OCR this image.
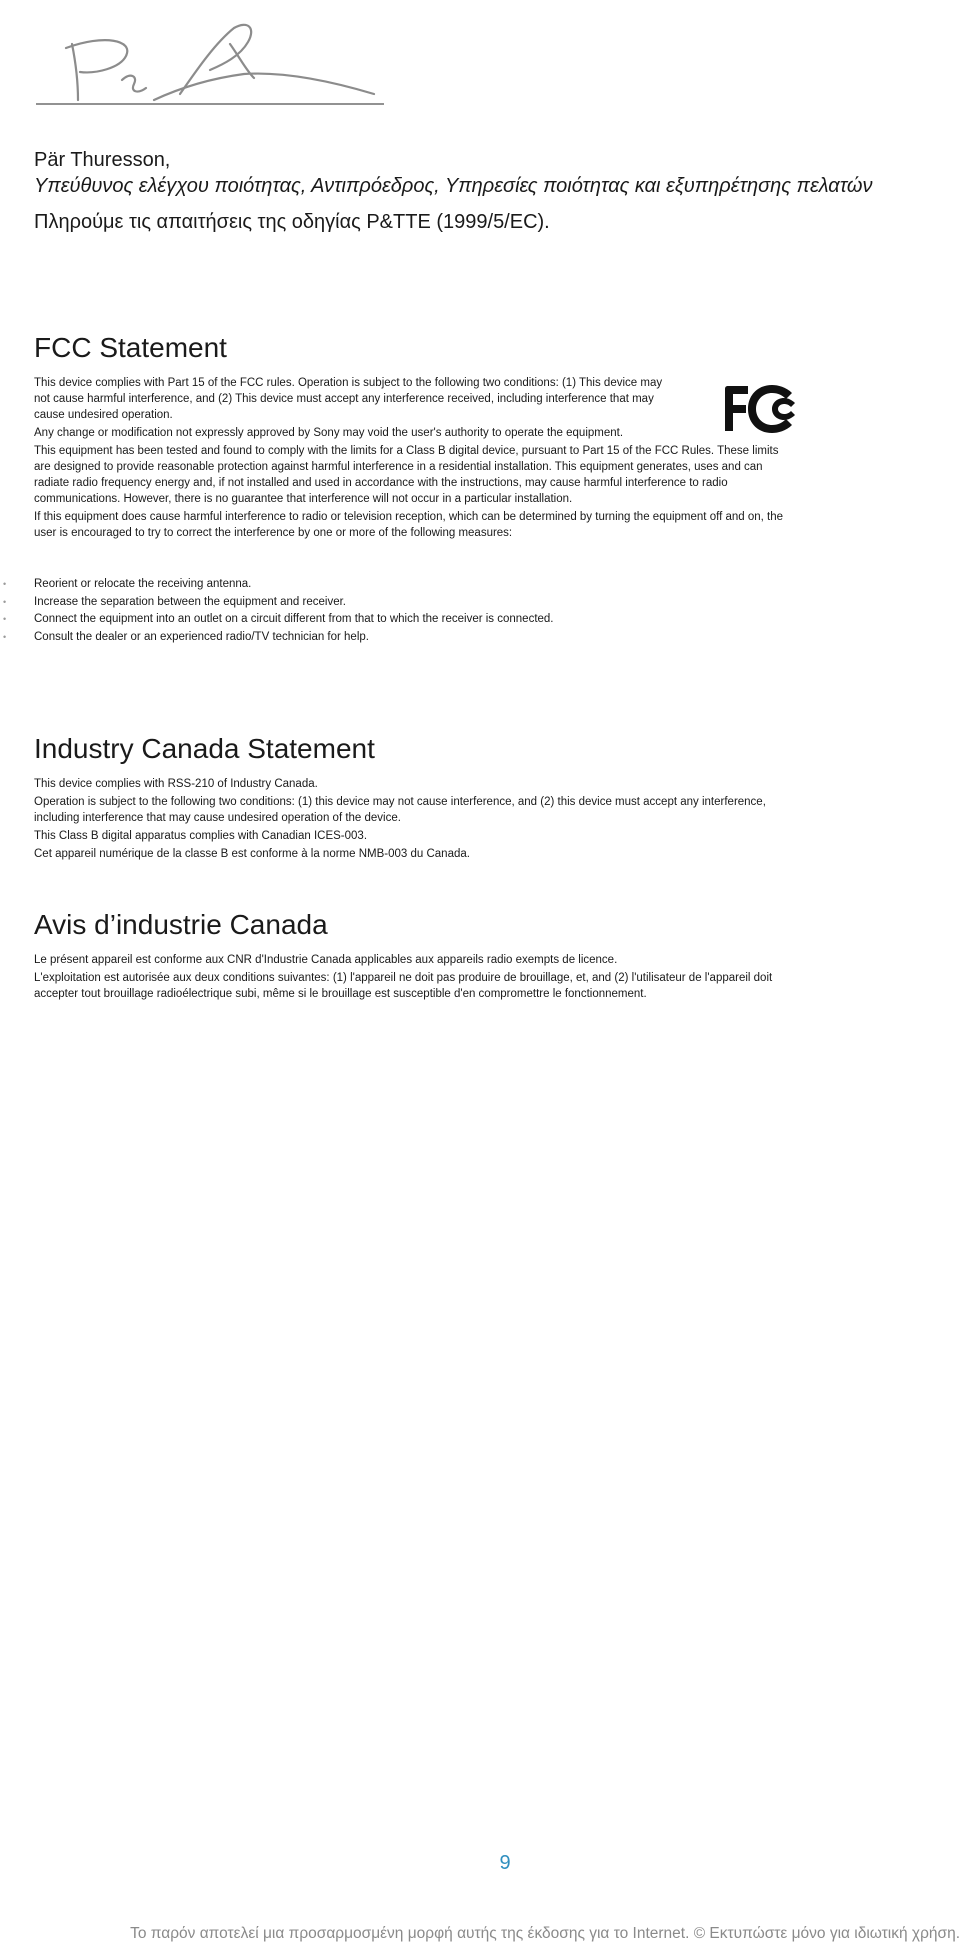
Pär Thuresson,

Υπεύθυνος ελέγχου ποιότητας, Αντιπρόεδρος, Υπηρεσίες ποιότητας και εξυπηρέτησης πελατών

Πληρούμε τις απαιτήσεις της οδηγίας P&TTE (1999/5/EC).

FCC Statement

This device complies with Part 15 of the FCC rules. Operation is subject to the following two conditions: (1) This device may not cause harmful interference, and (2) This device must accept any interference received, including interference that may cause undesired operation.

Any change or modification not expressly approved by Sony may void the user's authority to operate the equipment.

This equipment has been tested and found to comply with the limits for a Class B digital device, pursuant to Part 15 of the FCC Rules. These limits are designed to provide reasonable protection against harmful interference in a residential installation. This equipment generates, uses and can radiate radio frequency energy and, if not installed and used in accordance with the instructions, may cause harmful interference to radio communications. However, there is no guarantee that interference will not occur in a particular installation.

If this equipment does cause harmful interference to radio or television reception, which can be determined by turning the equipment off and on, the user is encouraged to try to correct the interference by one or more of the following measures:

• Reorient or relocate the receiving antenna.
• Increase the separation between the equipment and receiver.
• Connect the equipment into an outlet on a circuit different from that to which the receiver is connected.
• Consult the dealer or an experienced radio/TV technician for help.
Industry Canada Statement

This device complies with RSS-210 of Industry Canada.

Operation is subject to the following two conditions: (1) this device may not cause interference, and (2) this device must accept any interference, including interference that may cause undesired operation of the device.

This Class B digital apparatus complies with Canadian ICES-003.

Cet appareil numérique de la classe B est conforme à la norme NMB-003 du Canada.

Avis d’industrie Canada

Le présent appareil est conforme aux CNR d'Industrie Canada applicables aux appareils radio exempts de licence.

L'exploitation est autorisée aux deux conditions suivantes: (1) l'appareil ne doit pas produire de brouillage, et, and (2) l'utilisateur de l'appareil doit accepter tout brouillage radioélectrique subi, même si le brouillage est susceptible d'en compromettre le fonctionnement.

9
Το παρόν αποτελεί μια προσαρμοσμένη μορφή αυτής της έκδοσης για το Internet. © Εκτυπώστε μόνο για ιδιωτική χρήση.
